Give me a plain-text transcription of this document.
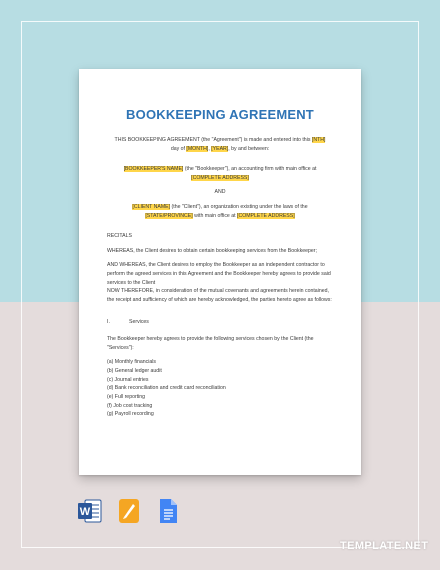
BOOKKEEPING AGREEMENT

THIS BOOKKEEPING AGREEMENT (the "Agreement") is made and entered into this [NTH]
day of [MONTH], [YEAR], by and between:

[BOOKKEEPER'S NAME] (the "Bookkeeper"), an accounting firm with main office at
[COMPLETE ADDRESS]

AND

[CLIENT NAME] (the "Client"), an organization existing under the laws of the
[STATE/PROVINCE] with main office at [COMPLETE ADDRESS]

RECITALS

WHEREAS, the Client desires to obtain certain bookkeeping services from the Bookkeeper;

AND WHEREAS, the Client desires to employ the Bookkeeper as an independent contractor to perform the agreed services in this Agreement and the Bookkeeper hereby agrees to provide said services to the Client

NOW THEREFORE, in consideration of the mutual covenants and agreements herein contained, the receipt and sufficiency of which are hereby acknowledged, the parties hereto agree as follows:

I.	Services

The Bookkeeper hereby agrees to provide the following services chosen by the Client (the "Services"):

(a) Monthly financials
(b) General ledger audit
(c) Journal entries
(d) Bank reconciliation and credit card reconciliation
(e) Full reporting
(f) Job cost tracking
(g) Payroll recording
W
TEMPLATE.NET
